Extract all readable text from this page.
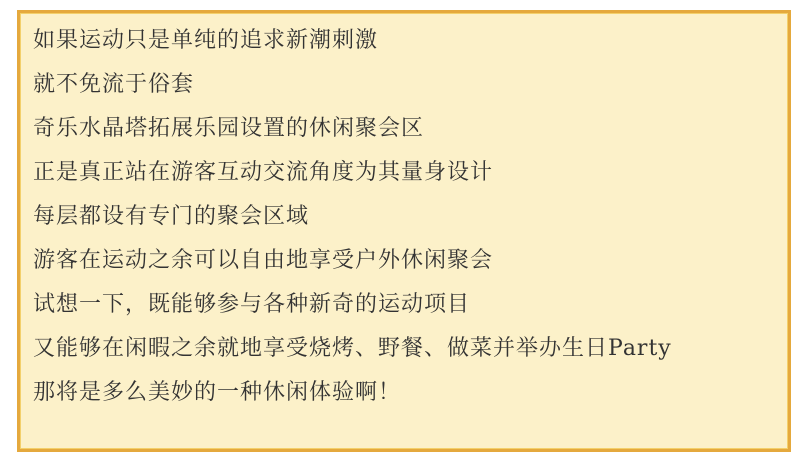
如果运动只是单纯的追求新潮刺激

就不免流于俗套

奇乐水晶塔拓展乐园设置的休闲聚会区

正是真正站在游客互动交流角度为其量身设计

每层都设有专门的聚会区域

游客在运动之余可以自由地享受户外休闲聚会

试想一下，既能够参与各种新奇的运动项目

又能够在闲暇之余就地享受烧烤、野餐、做菜并举办生日Party

那将是多么美妙的一种休闲体验啊！
